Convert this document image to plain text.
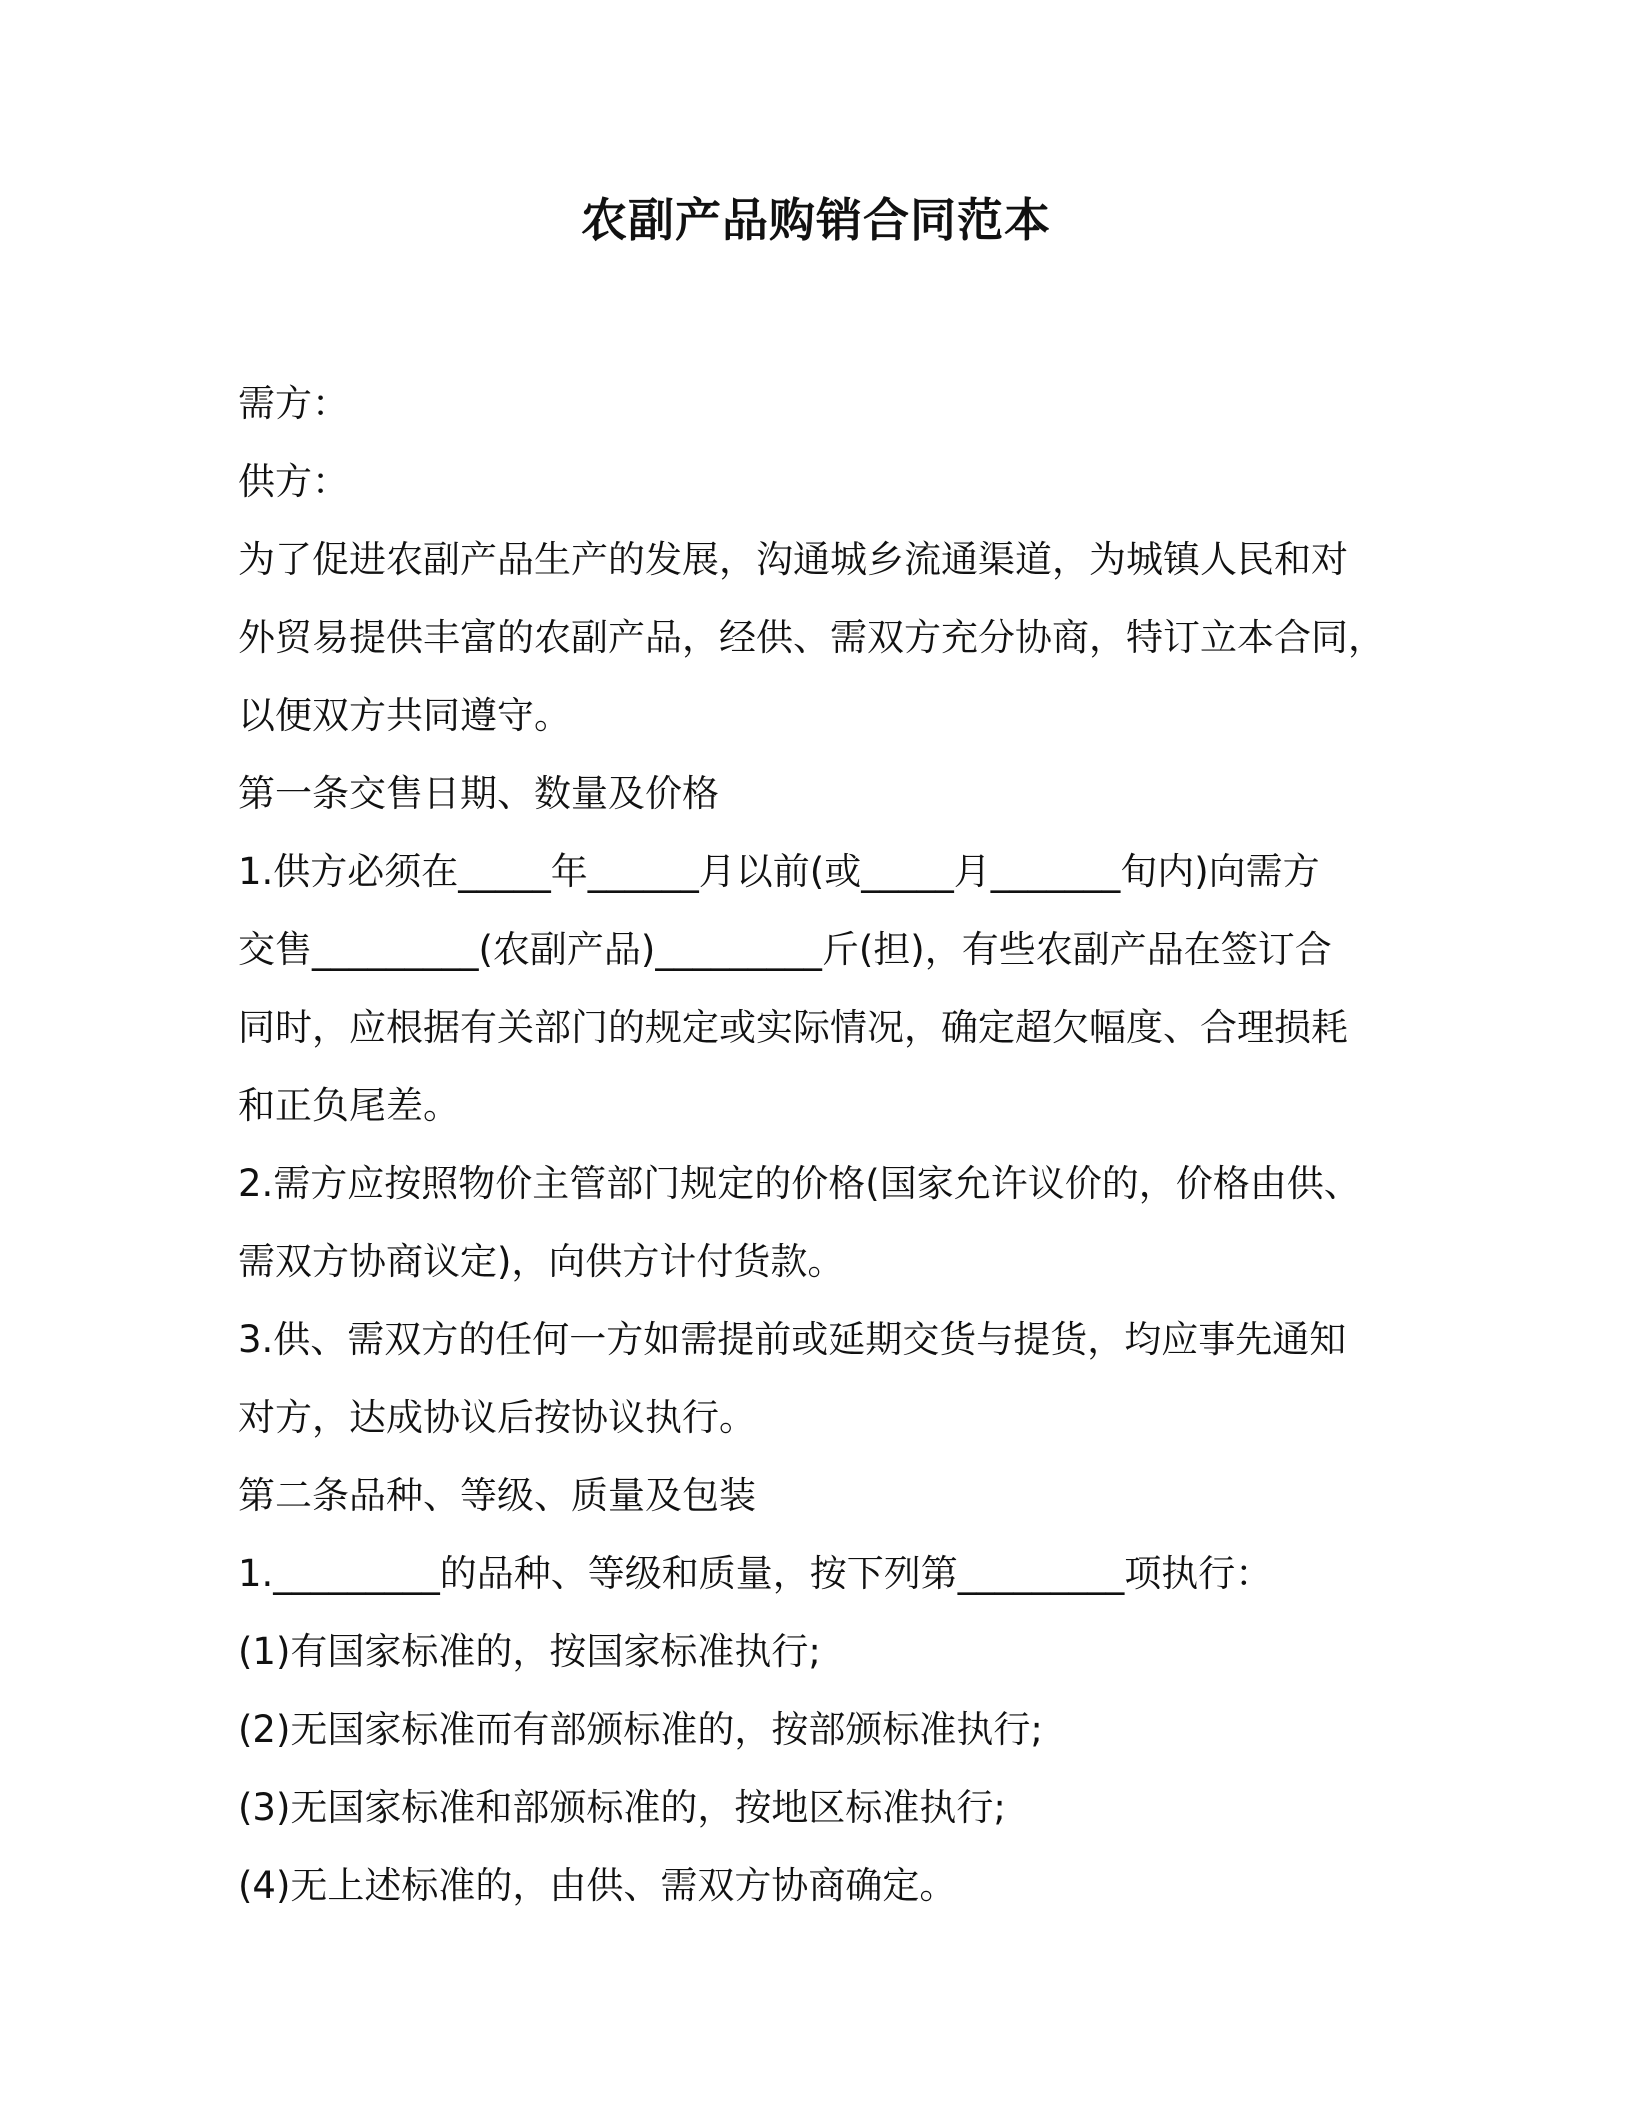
农副产品购销合同范本
需方：
供方：
为了促进农副产品生产的发展，沟通城乡流通渠道，为城镇人民和对
外贸易提供丰富的农副产品，经供、需双方充分协商，特订立本合同，
以便双方共同遵守。
第一条交售日期、数量及价格
1.供方必须在_____年______月以前(或_____月_______旬内)向需方
交售_________(农副产品)_________斤(担)，有些农副产品在签订合
同时，应根据有关部门的规定或实际情况，确定超欠幅度、合理损耗
和正负尾差。
2.需方应按照物价主管部门规定的价格(国家允许议价的，价格由供、
需双方协商议定)，向供方计付货款。
3.供、需双方的任何一方如需提前或延期交货与提货，均应事先通知
对方，达成协议后按协议执行。
第二条品种、等级、质量及包装
1._________的品种、等级和质量，按下列第_________项执行：
(1)有国家标准的，按国家标准执行;
(2)无国家标准而有部颁标准的，按部颁标准执行;
(3)无国家标准和部颁标准的，按地区标准执行;
(4)无上述标准的，由供、需双方协商确定。
